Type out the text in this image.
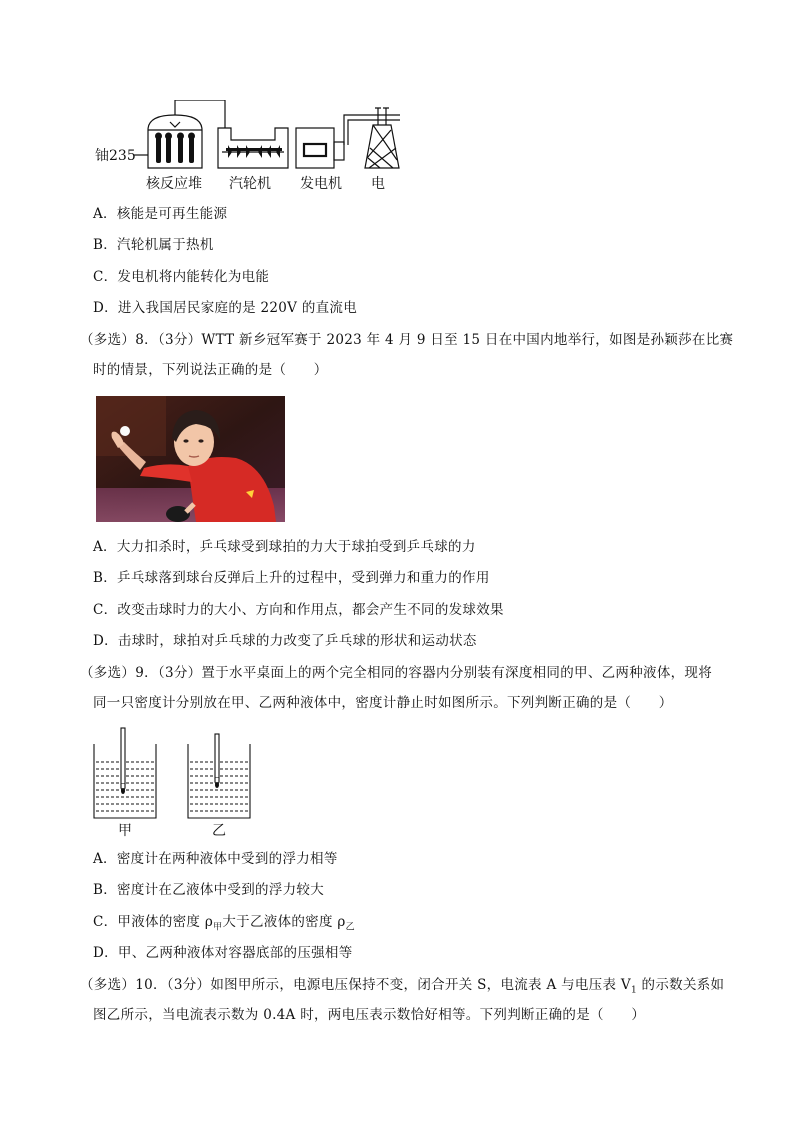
铀235
核反应堆 汽轮机 发电机 电
A．核能是可再生能源
B．汽轮机属于热机
C．发电机将内能转化为电能
D．进入我国居民家庭的是 220V 的直流电
（多选）8．（3分）WTT 新乡冠军赛于 2023 年 4 月 9 日至 15 日在中国内地举行，如图是孙颖莎在比赛
时的情景，下列说法正确的是（　　）
A．大力扣杀时，乒乓球受到球拍的力大于球拍受到乒乓球的力
B．乒乓球落到球台反弹后上升的过程中，受到弹力和重力的作用
C．改变击球时力的大小、方向和作用点，都会产生不同的发球效果
D．击球时，球拍对乒乓球的力改变了乒乓球的形状和运动状态
（多选）9．（3分）置于水平桌面上的两个完全相同的容器内分别装有深度相同的甲、乙两种液体，现将
同一只密度计分别放在甲、乙两种液体中，密度计静止时如图所示。下列判断正确的是（　　）
甲	乙
A．密度计在两种液体中受到的浮力相等
B．密度计在乙液体中受到的浮力较大
C．甲液体的密度 $\rho_甲$大于乙液体的密度 $\rho_乙$
D．甲、乙两种液体对容器底部的压强相等
（多选）10．（3分）如图甲所示，电源电压保持不变，闭合开关 S，电流表 A 与电压表 $V_1$ 的示数关系如
图乙所示，当电流表示数为 0.4A 时，两电压表示数恰好相等。下列判断正确的是（　　）
